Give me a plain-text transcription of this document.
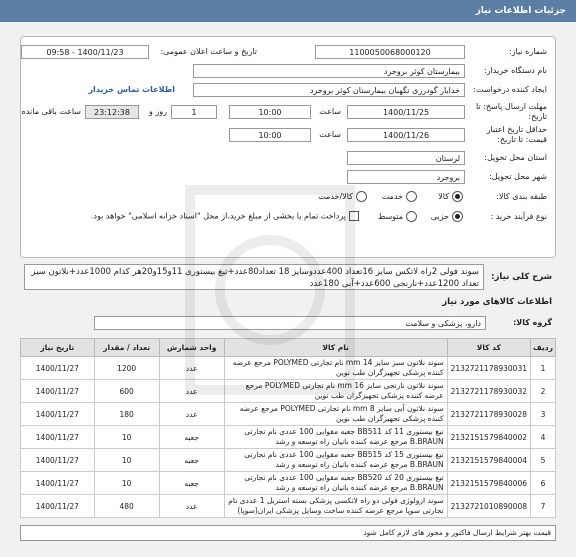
جزئیات اطلاعات نیاز
شماره نیاز:
1100050068000120
تاریخ و ساعت اعلان عمومی:
1400/11/23 - 09:58
نام دستگاه خریدار:
بیمارستان کوثر بروجرد
ایجاد کننده درخواست:
خدایار گودرزی نگهبان بیمارستان کوثر بروجرد
اطلاعات تماس خریدار
مهلت ارسال پاسخ: تا تاریخ:
1400/11/25
ساعت
10:00
1
روز و
23:12:38
ساعت باقی مانده
حداقل تاریخ اعتبار قیمت: تا تاریخ:
1400/11/26
ساعت
10:00
استان محل تحویل:
لرستان
شهر محل تحویل:
بروجرد
طبقه بندی کالا:
کالا
خدمت
کالا/خدمت
نوع فرآیند خرید :
جزیی
متوسط
پرداخت تمام یا بخشی از مبلغ خرید،از محل "اسناد خزانه اسلامی" خواهد بود.
شرح کلی نیاز:
سوند فولی 2راه لاتکس سایز 16تعداد 400عددوسایز 18 تعداد80عدد+تیغ بیستوری 11و15و20هر کدام 1000عدد+نلاتون سبز تعداد 1200عدد+نارنجی 600عدد+آبی 180عدد
اطلاعات کالاهای مورد نیاز
گروه کالا:
دارو، پزشکی و سلامت
ردیف	کد کالا	نام کالا	واحد شمارش	تعداد / مقدار	تاریخ نیاز
1	2132721178930031	سوند نلاتون سبز سایز 14 mm نام تجارتی POLYMED مرجع عرضه کننده پزشکی تجهیزگران طب نوین	عدد	1200	1400/11/27
2	2132721178930032	سوند نلاتون نارنجی سایز 16 mm نام تجارتی POLYMED مرجع عرضه کننده پزشکی تجهیزگران طب نوین	عدد	600	1400/11/27
3	2132721178930028	سوند نلاتون آبی سایز 8 mm نام تجارتی POLYMED مرجع عرضه کننده پزشکی تجهیزگران طب نوین	عدد	180	1400/11/27
4	2132151579840002	تیغ بیستوری 11 کد BB511 جعبه مقوایی 100 عددی نام تجارتی B.BRAUN مرجع عرضه کننده بانیان راه توسعه و رشد	جعبه	10	1400/11/27
5	2132151579840004	تیغ بیستوری 15 کد BB515 جعبه مقوایی 100 عددی نام تجارتی B.BRAUN مرجع عرضه کننده بانیان راه توسعه و رشد	جعبه	10	1400/11/27
6	2132151579840006	تیغ بیستوری 20 کد BB520 جعبه مقوایی 100 عددی نام تجارتی B.BRAUN مرجع عرضه کننده بانیان راه توسعه و رشد	جعبه	10	1400/11/27
7	2132721010890008	سوند ارولوژی فولی دو راه لاتکسی پزشکی بسته استریل 1 عددی نام تجارتی سوپا مرجع عرضه کننده ساخت وسایل پزشکی ایران(سوپا)	عدد	480	1400/11/27
قیمت بهتر شرایط ارسال فاکتور و مجوز های لازم کامل شود
